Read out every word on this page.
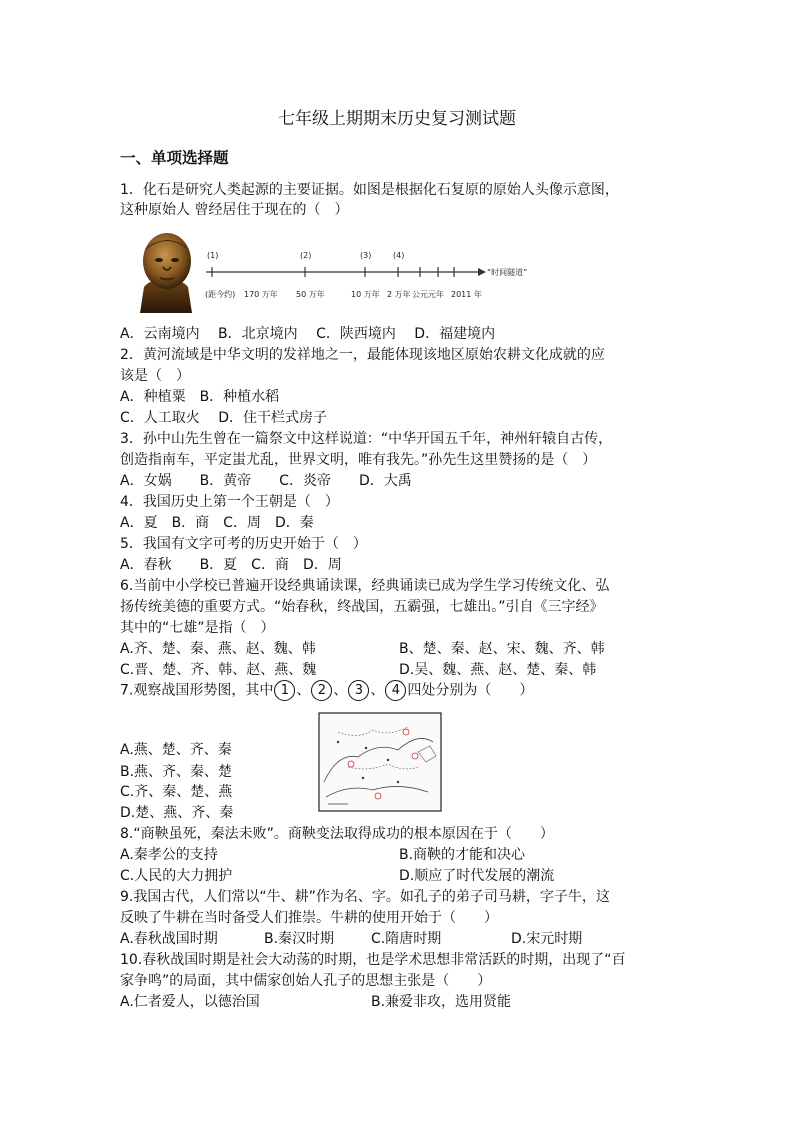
七年级上期期末历史复习测试题
一、单项选择题
1．化石是研究人类起源的主要证据。如图是根据化石复原的原始人头像示意图，
这种原始人 曾经居住于现在的（　）
(1)	(2)	(3)	(4)
“时间隧道”
(距今约) 170 万年 50 万年	10 万年 2 万年 公元元年 2011 年
A．云南境内　 B．北京境内　 C．陕西境内　 D．福建境内
2．黄河流域是中华文明的发祥地之一，最能体现该地区原始农耕文化成就的应
该是（　）
A．种植粟　B．种植水稻
C．人工取火　 D．住干栏式房子
3．孙中山先生曾在一篇祭文中这样说道：“中华开国五千年，神州轩辕自古传，
创造指南车，平定蚩尤乱，世界文明，唯有我先。”孙先生这里赞扬的是（　）
A．女娲　　B．黄帝　　C．炎帝　　D．大禹
4．我国历史上第一个王朝是（　）
A．夏　B．商　C．周　D．秦
5．我国有文字可考的历史开始于（　）
A．春秋　　B．夏　C．商　D．周
6.当前中小学校已普遍开设经典诵读课，经典诵读已成为学生学习传统文化、弘
扬传统美德的重要方式。“始春秋，终战国，五霸强，七雄出。”引自《三字经》
其中的“七雄”是指（　）
A.齐、楚、秦、燕、赵、魏、韩	B、楚、秦、赵、宋、魏、齐、韩
C.晋、楚、齐、韩、赵、燕、魏	D.吴、魏、燕、赵、楚、秦、韩
7.观察战国形势图，其中 1 、 2 、 3 、 4 四处分别为（　　）
A.燕、楚、齐、秦
B.燕、齐、秦、楚
C.齐、秦、楚、燕
D.楚、燕、齐、秦
8.“商鞅虽死，秦法未败”。商鞅变法取得成功的根本原因在于（　　）
A.秦孝公的支持	B.商鞅的才能和决心
C.人民的大力拥护	D.顺应了时代发展的潮流
9.我国古代，人们常以“牛、耕”作为名、字。如孔子的弟子司马耕，字子牛，这
反映了牛耕在当时备受人们推崇。牛耕的使用开始于（　　）
A.春秋战国时期	B.秦汉时期	C.隋唐时期	D.宋元时期
10.春秋战国时期是社会大动荡的时期，也是学术思想非常活跃的时期，出现了“百
家争鸣”的局面，其中儒家创始人孔子的思想主张是（　　）
A.仁者爱人，以德治国	B.兼爱非攻，选用贤能
